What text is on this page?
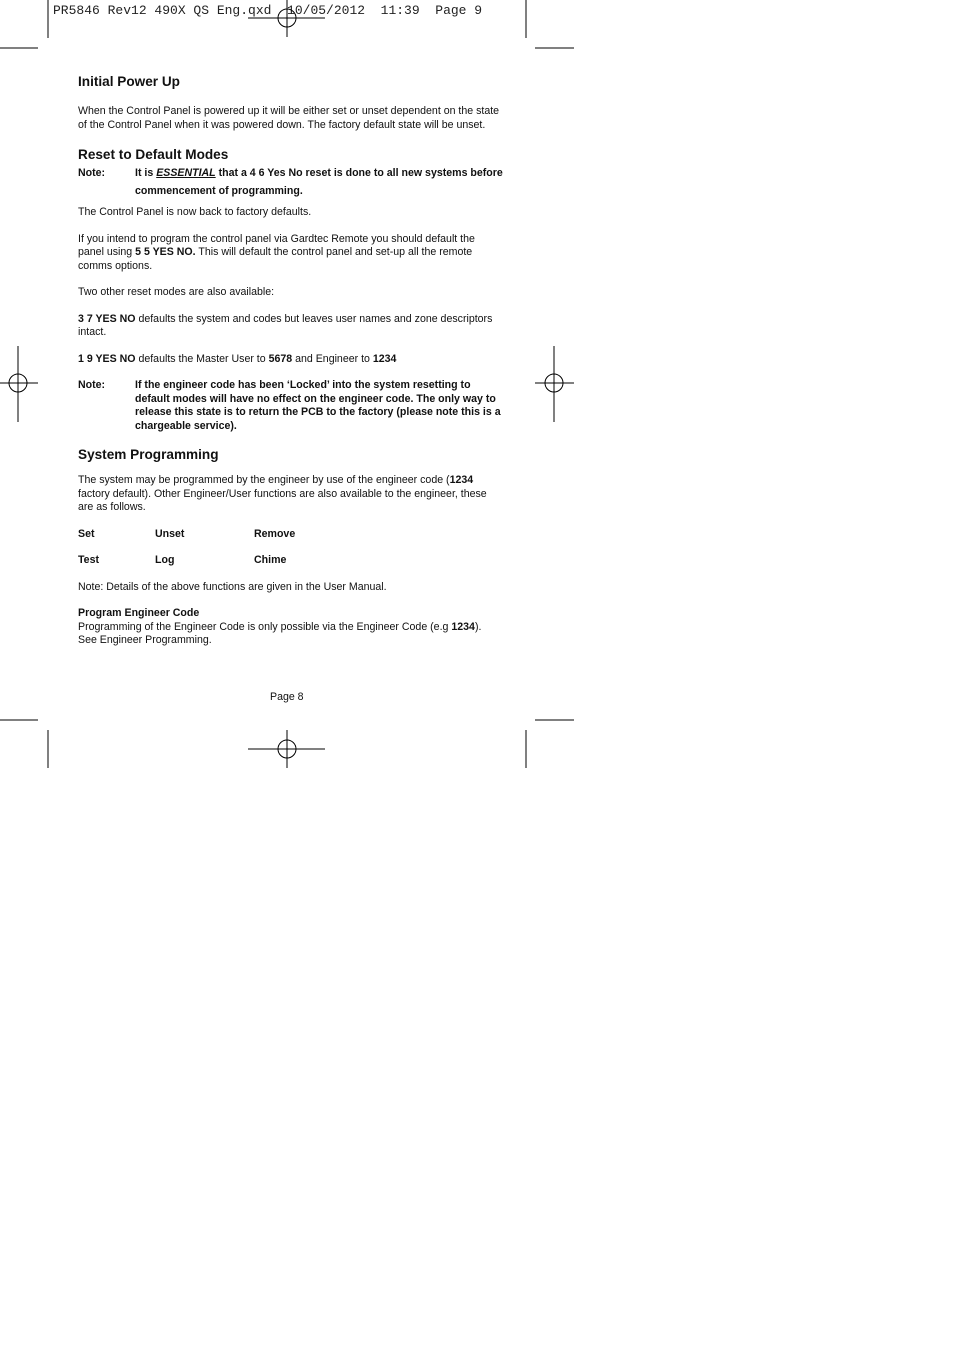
PR5846 Rev12 490X QS Eng.qxd  10/05/2012  11:39  Page 9

Initial Power Up

When the Control Panel is powered up it will be either set or unset dependent on the state of the Control Panel when it was powered down. The factory default state will be unset.

Reset to Default Modes
Note:	It is ESSENTIAL that a 4 6 Yes No reset is done to all new systems before commencement of programming.

The Control Panel is now back to factory defaults.

If you intend to program the control panel via Gardtec Remote you should default the panel using 5 5 YES NO. This will default the control panel and set-up all the remote comms options.

Two other reset modes are also available:

3 7 YES NO defaults the system and codes but leaves user names and zone descriptors intact.

1 9 YES NO defaults the Master User to 5678 and Engineer to 1234

Note:	If the engineer code has been ‘Locked’ into the system resetting to default modes will have no effect on the engineer code. The only way to release this state is to return the PCB to the factory (please note this is a chargeable service).
System Programming

The system may be programmed by the engineer by use of the engineer code (1234 factory default). Other Engineer/User functions are also available to the engineer, these are as follows.

Set	Unset	Remove
Test	Log	Chime

Note: Details of the above functions are given in the User Manual.

Program Engineer Code

Programming of the Engineer Code is only possible via the Engineer Code (e.g 1234). See Engineer Programming.

Page 8
